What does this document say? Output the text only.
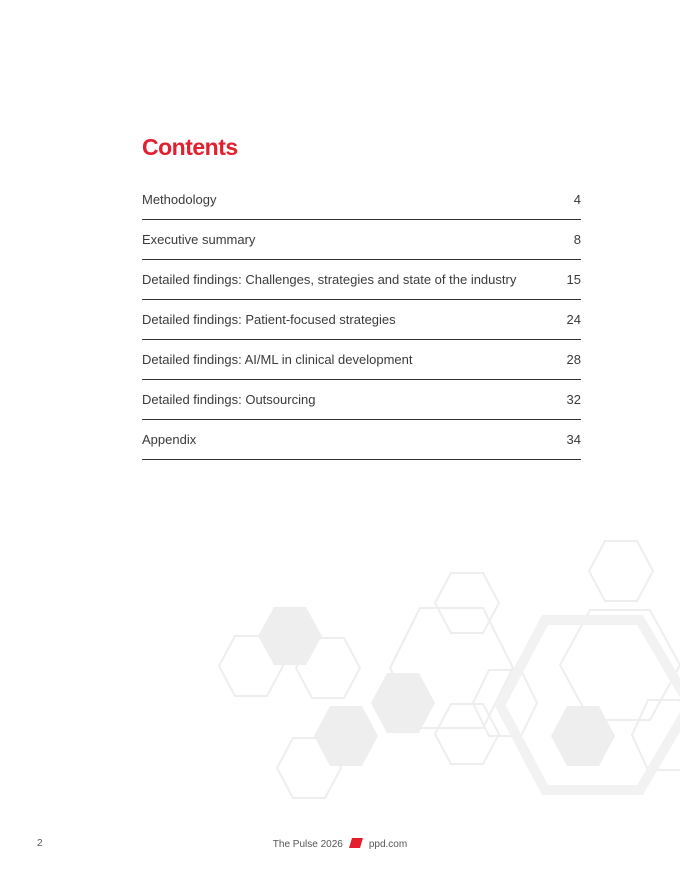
Contents
Methodology	4
Executive summary	8
Detailed findings: Challenges, strategies and state of the industry	15
Detailed findings: Patient-focused strategies	24
Detailed findings: AI/ML in clinical development	28
Detailed findings: Outsourcing	32
Appendix	34
2	The Pulse 2026	ppd.com
